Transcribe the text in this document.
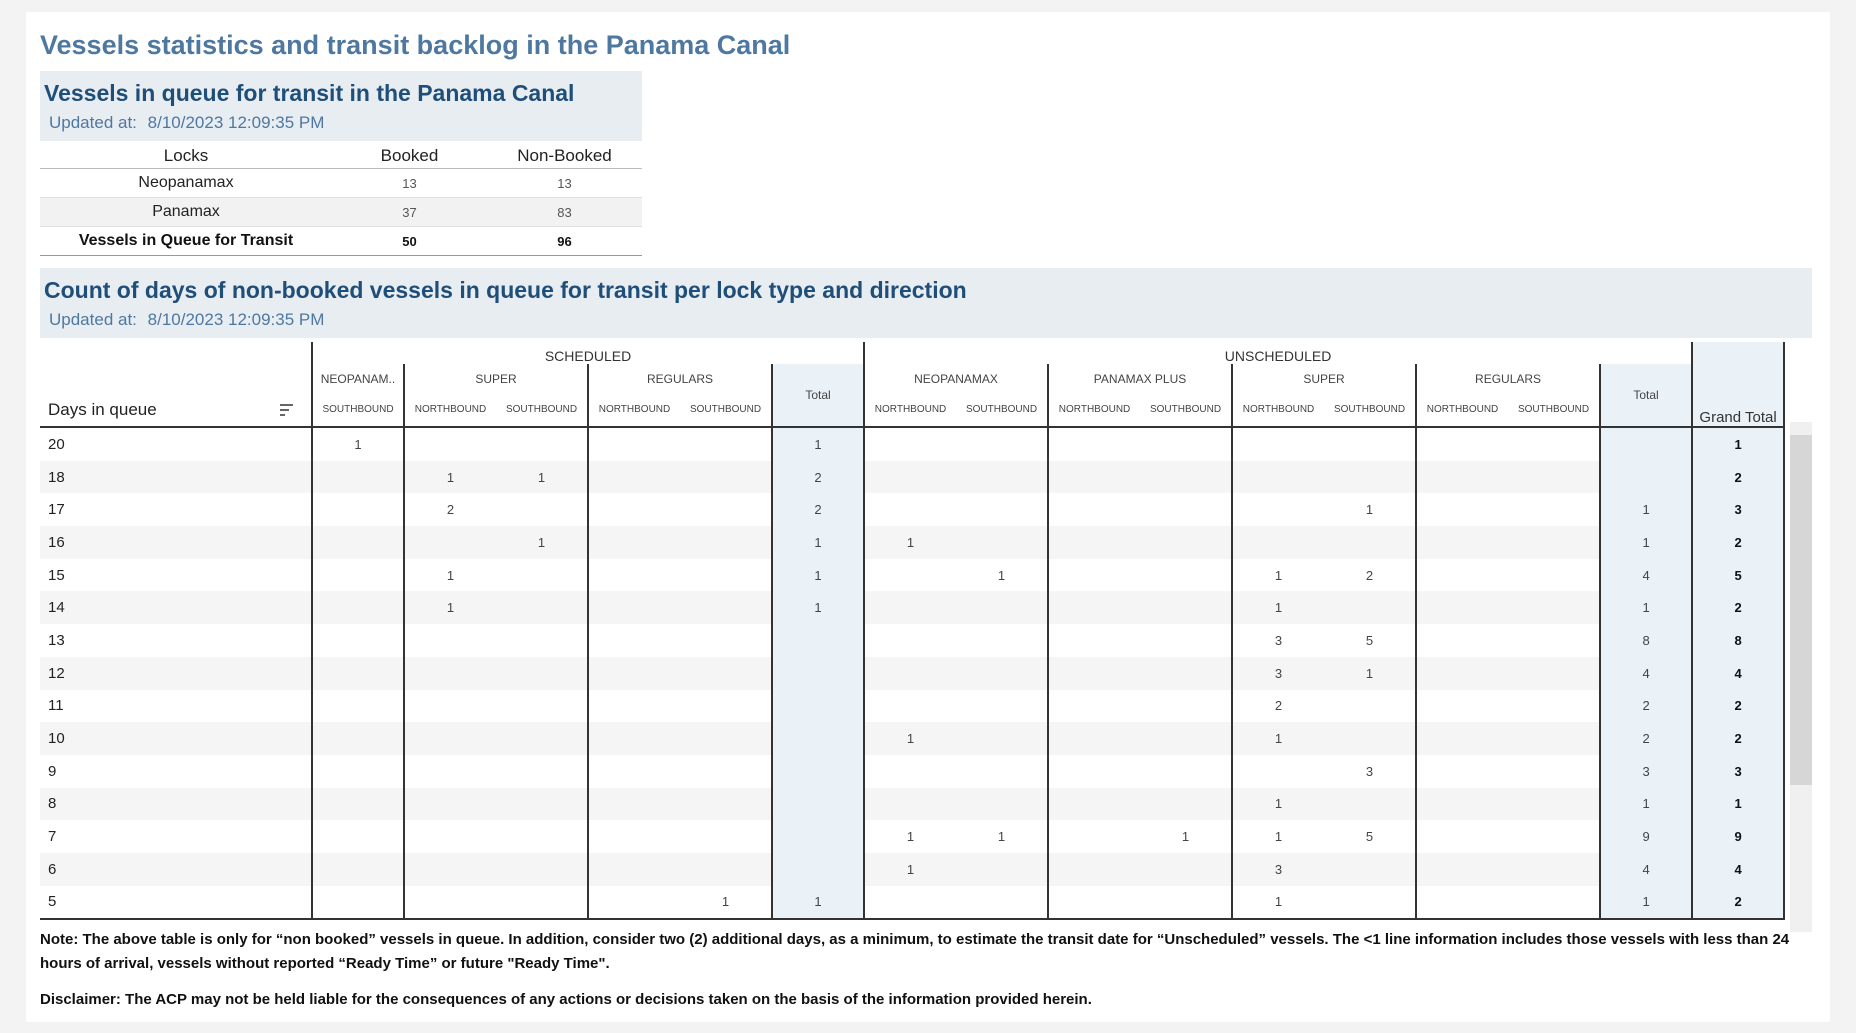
Vessels statistics and transit backlog in the Panama Canal
Vessels in queue for transit in the Panama Canal
Updated at: 8/10/2023 12:09:35 PM
Locks	Booked	Non-Booked
Neopanamax	13	13
Panamax	37	83
Vessels in Queue for Transit	50	96
Count of days of non-booked vessels in queue for transit per lock type and direction
Updated at: 8/10/2023 12:09:35 PM
Days in queue	SCHEDULED						UNSCHEDULED									Grand Total
	NEOPANAM..	SUPER		REGULARS		Total	NEOPANAMAX		PANAMAX PLUS		SUPER		REGULARS		Total	
	SOUTHBOUND	NORTHBOUND	SOUTHBOUND	NORTHBOUND	SOUTHBOUND		NORTHBOUND	SOUTHBOUND	NORTHBOUND	SOUTHBOUND	NORTHBOUND	SOUTHBOUND	NORTHBOUND	SOUTHBOUND		
20	1					1										1
18		1	1			2										2
17		2				2						1			1	3
16			1			1	1								1	2
15		1				1		1			1	2			4	5
14		1				1					1				1	2
13											3	5			8	8
12											3	1			4	4
11											2				2	2
10							1				1				2	2
9												3			3	3
8											1				1	1
7							1	1		1	1	5			9	9
6							1				3				4	4
5					1	1					1				1	2

Note: The above table is only for “non booked” vessels in queue. In addition, consider two (2) additional days, as a minimum, to estimate the transit date for “Unscheduled” vessels. The <1 line information includes those vessels with less than 24 hours of arrival, vessels without reported “Ready Time” or future "Ready Time".

Disclaimer: The ACP may not be held liable for the consequences of any actions or decisions taken on the basis of the information provided herein.
